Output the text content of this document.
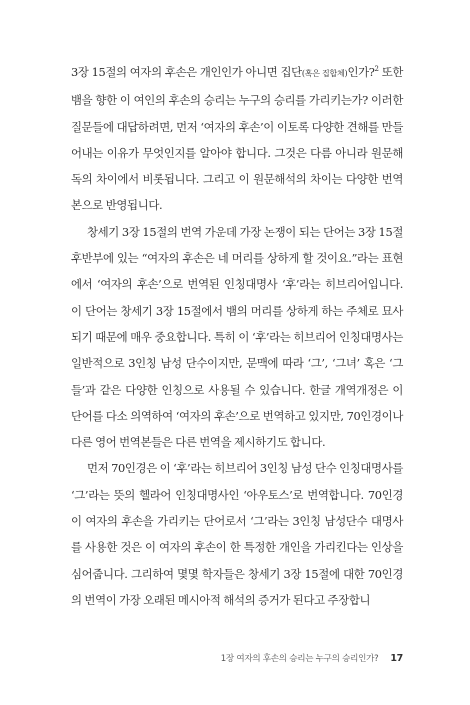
3장 15절의 여자의 후손은 개인인가 아니면 집단(혹은 집합체)인가?$^2$ 또한 뱀을 향한 이 여인의 후손의 승리는 누구의 승리를 가리키는가? 이러한 질문들에 대답하려면, 먼저 ‘여자의 후손’이 이토록 다양한 견해를 만들어내는 이유가 무엇인지를 알아야 합니다. 그것은 다름 아니라 원문해독의 차이에서 비롯됩니다. 그리고 이 원문해석의 차이는 다양한 번역본으로 반영됩니다.

창세기 3장 15절의 번역 가운데 가장 논쟁이 되는 단어는 3장 15절 후반부에 있는 “여자의 후손은 네 머리를 상하게 할 것이요.”라는 표현에서 ‘여자의 후손’으로 번역된 인칭대명사 ‘후’라는 히브리어입니다. 이 단어는 창세기 3장 15절에서 뱀의 머리를 상하게 하는 주체로 묘사되기 때문에 매우 중요합니다. 특히 이 ‘후’라는 히브리어 인칭대명사는 일반적으로 3인칭 남성 단수이지만, 문맥에 따라 ‘그’, ‘그녀’ 혹은 ‘그들’과 같은 다양한 인칭으로 사용될 수 있습니다. 한글 개역개정은 이 단어를 다소 의역하여 ‘여자의 후손’으로 번역하고 있지만, 70인경이나 다른 영어 번역본들은 다른 번역을 제시하기도 합니다.

먼저 70인경은 이 ‘후’라는 히브리어 3인칭 남성 단수 인칭대명사를 ‘그’라는 뜻의 헬라어 인칭대명사인 ‘아우토스’로 번역합니다. 70인경이 여자의 후손을 가리키는 단어로서 ‘그’라는 3인칭 남성단수 대명사를 사용한 것은 이 여자의 후손이 한 특정한 개인을 가리킨다는 인상을 심어줍니다. 그리하여 몇몇 학자들은 창세기 3장 15절에 대한 70인경의 번역이 가장 오래된 메시아적 해석의 증거가 된다고 주장합니

1장 여자의 후손의 승리는 누구의 승리인가? 17
